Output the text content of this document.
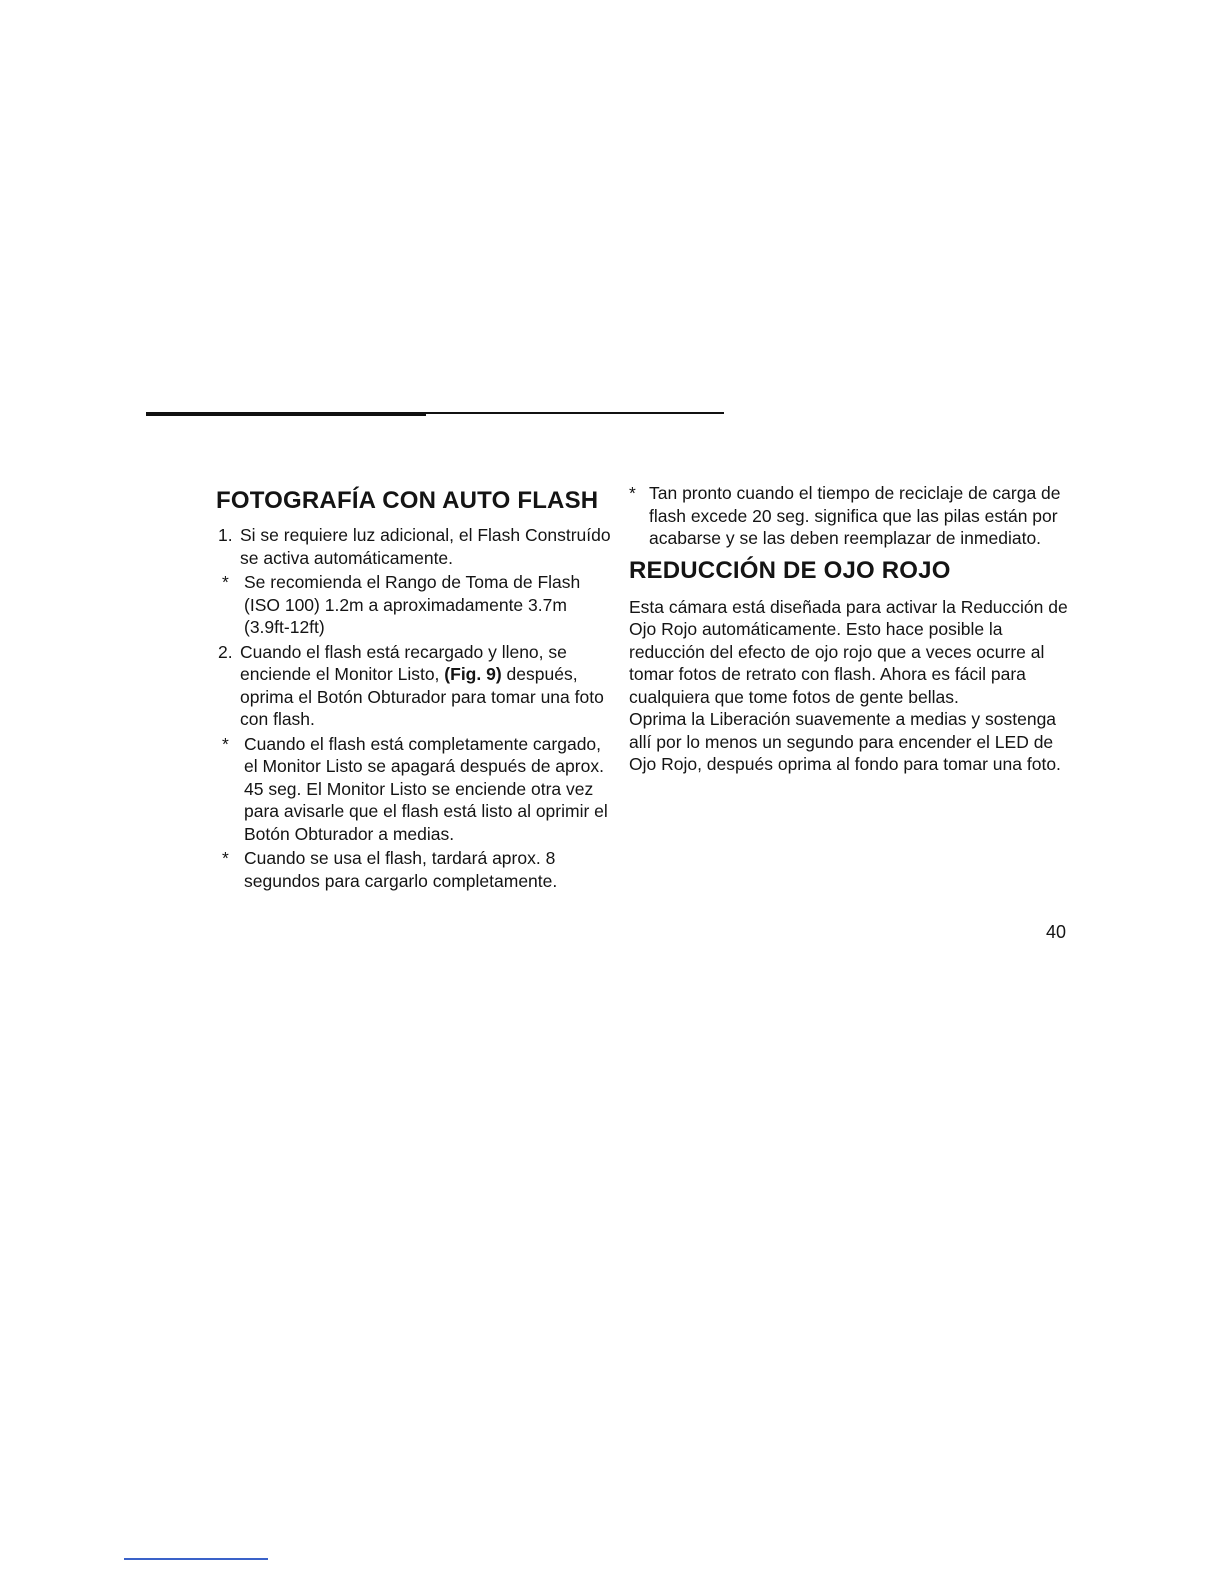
FOTOGRAFÍA CON AUTO FLASH
1. Si se requiere luz adicional, el Flash Construído se activa automáticamente.
* Se recomienda el Rango de Toma de Flash (ISO 100) 1.2m a aproximadamente 3.7m (3.9ft-12ft)
2. Cuando el flash está recargado y lleno, se enciende el Monitor Listo, (Fig. 9) después, oprima el Botón Obturador para tomar una foto con flash.
* Cuando el flash está completamente cargado, el Monitor Listo se apagará después de aprox. 45 seg. El Monitor Listo se enciende otra vez para avisarle que el flash está listo al oprimir el Botón Obturador a medias.
* Cuando se usa el flash, tardará aprox. 8 segundos para cargarlo completamente.
* Tan pronto cuando el tiempo de reciclaje de carga de flash excede 20 seg. significa que las pilas están por acabarse y se las deben reemplazar de inmediato.
REDUCCIÓN DE OJO ROJO

Esta cámara está diseñada para activar la Reducción de Ojo Rojo automáticamente. Esto hace posible la reducción del efecto de ojo rojo que a veces ocurre al tomar fotos de retrato con flash. Ahora es fácil para cualquiera que tome fotos de gente bellas.

Oprima la Liberación suavemente a medias y sostenga allí por lo menos un segundo para encender el LED de Ojo Rojo, después oprima al fondo para tomar una foto.

40
